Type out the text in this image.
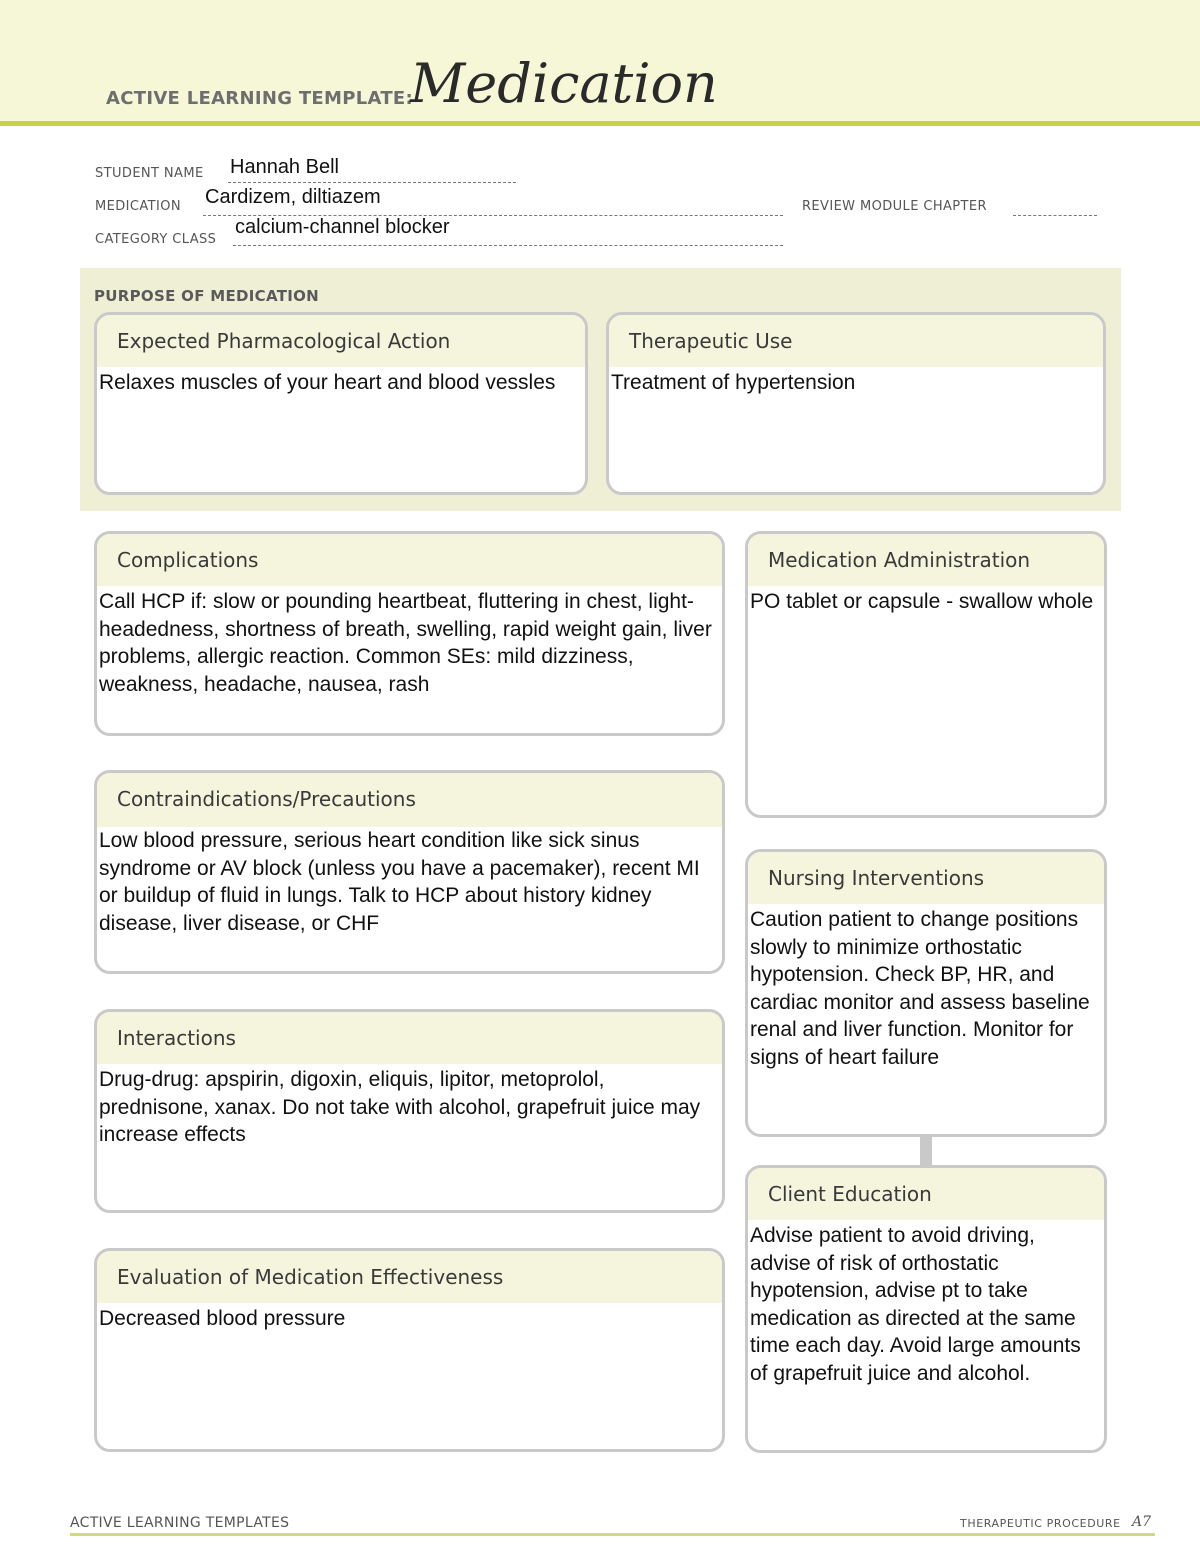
ACTIVE LEARNING TEMPLATE:
Medication
STUDENT NAME Hannah Bell
MEDICATION Cardizem, diltiazem	REVIEW MODULE CHAPTER
CATEGORY CLASS
calcium-channel blocker
PURPOSE OF MEDICATION
Expected Pharmacological Action
Relaxes muscles of your heart and blood vessles
Therapeutic Use
Treatment of hypertension
Complications
Call HCP if: slow or pounding heartbeat, fluttering in chest, light-headedness, shortness of breath, swelling, rapid weight gain, liver problems, allergic reaction. Common SEs: mild dizziness, weakness, headache, nausea, rash
Contraindications/Precautions
Low blood pressure, serious heart condition like sick sinus syndrome or AV block (unless you have a pacemaker), recent MI or buildup of fluid in lungs. Talk to HCP about history kidney disease, liver disease, or CHF
Interactions
Drug-drug: apspirin, digoxin, eliquis, lipitor, metoprolol, prednisone, xanax. Do not take with alcohol, grapefruit juice may increase effects
Evaluation of Medication Effectiveness
Decreased blood pressure
Medication Administration
PO tablet or capsule - swallow whole
Nursing Interventions
Caution patient to change positions slowly to minimize orthostatic hypotension. Check BP, HR, and cardiac monitor and assess baseline renal and liver function. Monitor for signs of heart failure
Client Education
Advise patient to avoid driving, advise of risk of orthostatic hypotension, advise pt to take medication as directed at the same time each day. Avoid large amounts of grapefruit juice and alcohol.
ACTIVE LEARNING TEMPLATES	THERAPEUTIC PROCEDURE A7
